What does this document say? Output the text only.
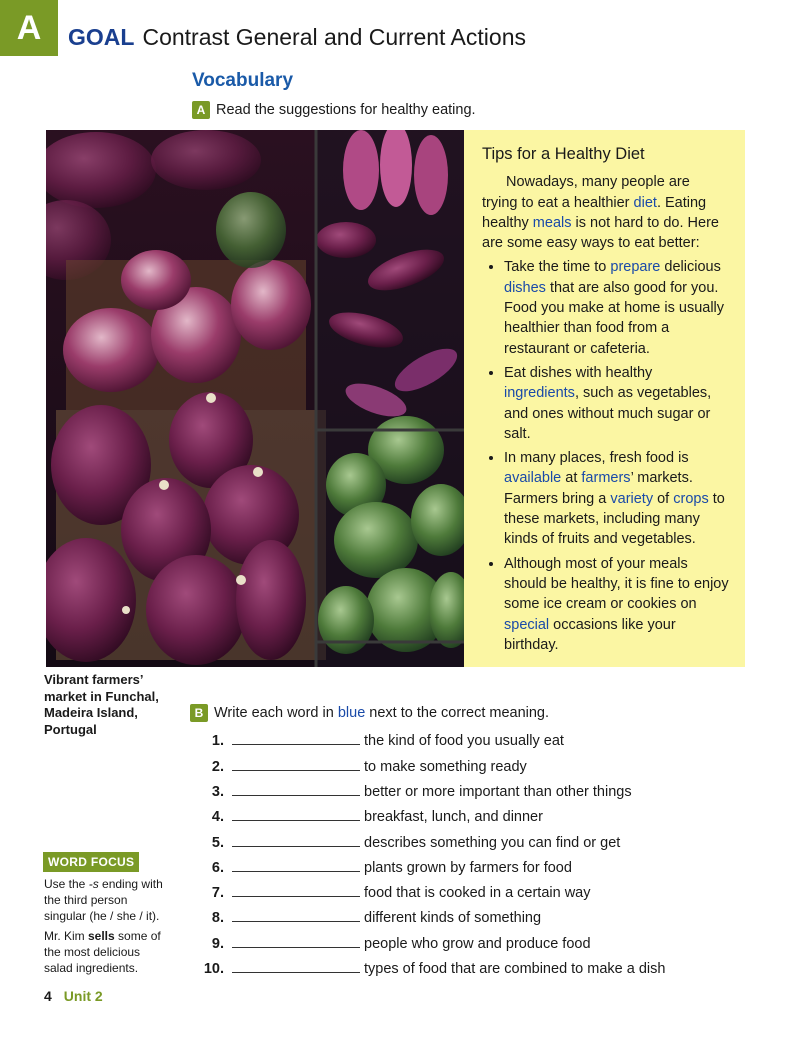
A	GOAL Contrast General and Current Actions
Vocabulary
A Read the suggestions for healthy eating.
Tips for a Healthy Diet
Nowadays, many people are trying to eat a healthier diet. Eating healthy meals is not hard to do. Here are some easy ways to eat better:
• Take the time to prepare delicious dishes that are also good for you. Food you make at home is usually healthier than food from a restaurant or cafeteria.
• Eat dishes with healthy ingredients, such as vegetables, and ones without much sugar or salt.
• In many places, fresh food is available at farmers’ markets. Farmers bring a variety of crops to these markets, including many kinds of fruits and vegetables.
• Although most of your meals should be healthy, it is fine to enjoy some ice cream or cookies on special occasions like your birthday.
Vibrant farmers’ market in Funchal, Madeira Island, Portugal
B Write each word in blue next to the correct meaning.
1.	the kind of food you usually eat
2.	to make something ready
3.	better or more important than other things
4.	breakfast, lunch, and dinner
5.	describes something you can find or get
6.	plants grown by farmers for food
7.	food that is cooked in a certain way
8.	different kinds of something
9.	people who grow and produce food
10.	types of food that are combined to make a dish
WORD FOCUS
Use the -s ending with the third person singular (he / she / it).
Mr. Kim sells some of the most delicious salad ingredients.
4 Unit 2
